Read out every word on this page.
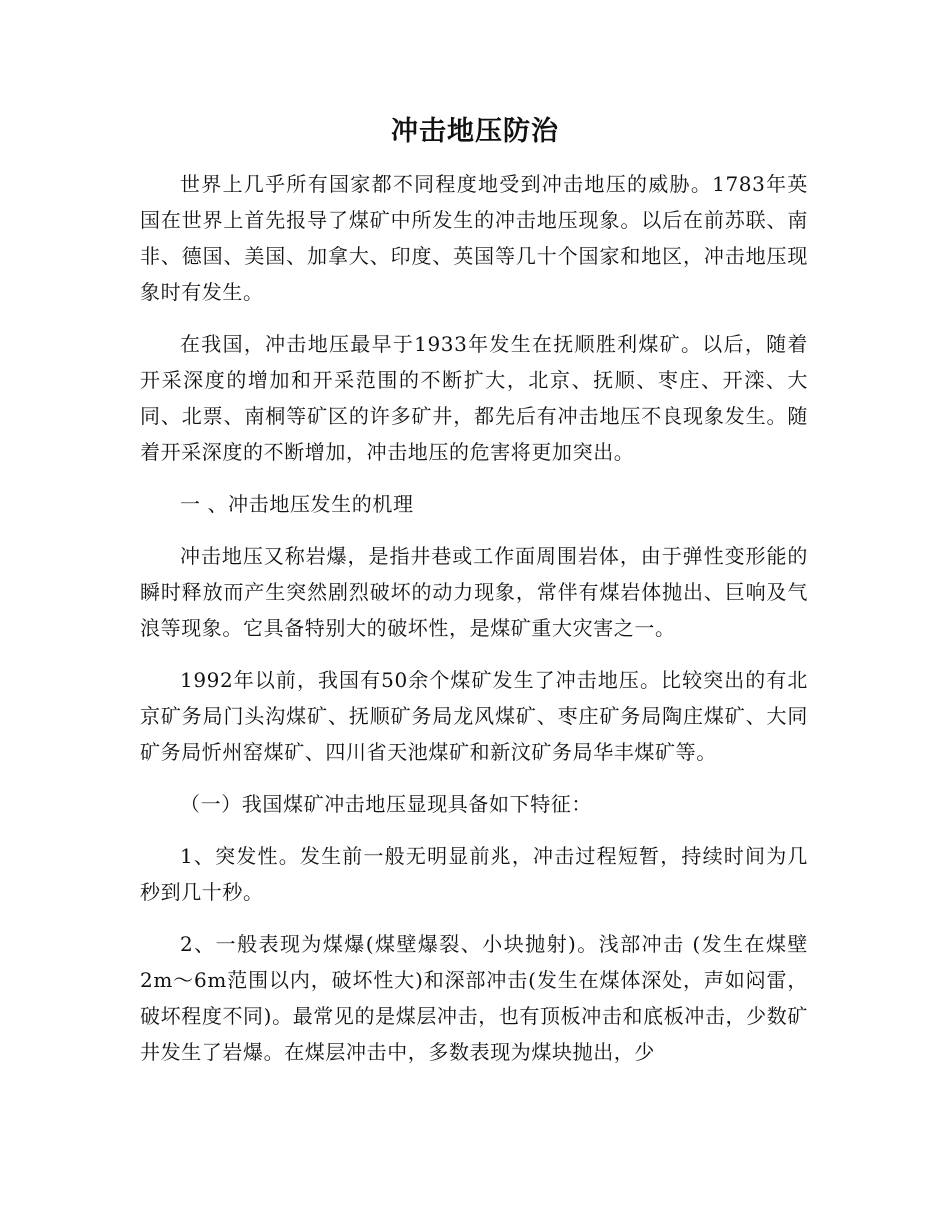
冲击地压防治

世界上几乎所有国家都不同程度地受到冲击地压的威胁。1783年英国在世界上首先报导了煤矿中所发生的冲击地压现象。以后在前苏联、南非、德国、美国、加拿大、印度、英国等几十个国家和地区，冲击地压现象时有发生。

在我国，冲击地压最早于1933年发生在抚顺胜利煤矿。以后，随着开采深度的增加和开采范围的不断扩大，北京、抚顺、枣庄、开滦、大同、北票、南桐等矿区的许多矿井，都先后有冲击地压不良现象发生。随着开采深度的不断增加，冲击地压的危害将更加突出。

一 、冲击地压发生的机理

冲击地压又称岩爆，是指井巷或工作面周围岩体，由于弹性变形能的瞬时释放而产生突然剧烈破坏的动力现象，常伴有煤岩体抛出、巨响及气浪等现象。它具备特别大的破坏性，是煤矿重大灾害之一。

1992年以前，我国有50余个煤矿发生了冲击地压。比较突出的有北京矿务局门头沟煤矿、抚顺矿务局龙风煤矿、枣庄矿务局陶庄煤矿、大同矿务局忻州窑煤矿、四川省天池煤矿和新汶矿务局华丰煤矿等。

（一）我国煤矿冲击地压显现具备如下特征：

1、突发性。发生前一般无明显前兆，冲击过程短暂，持续时间为几秒到几十秒。

2、一般表现为煤爆(煤壁爆裂、小块抛射)。浅部冲击 (发生在煤壁2m～6m范围以内，破坏性大)和深部冲击(发生在煤体深处，声如闷雷，破坏程度不同)。最常见的是煤层冲击，也有顶板冲击和底板冲击，少数矿井发生了岩爆。在煤层冲击中，多数表现为煤块抛出，少
